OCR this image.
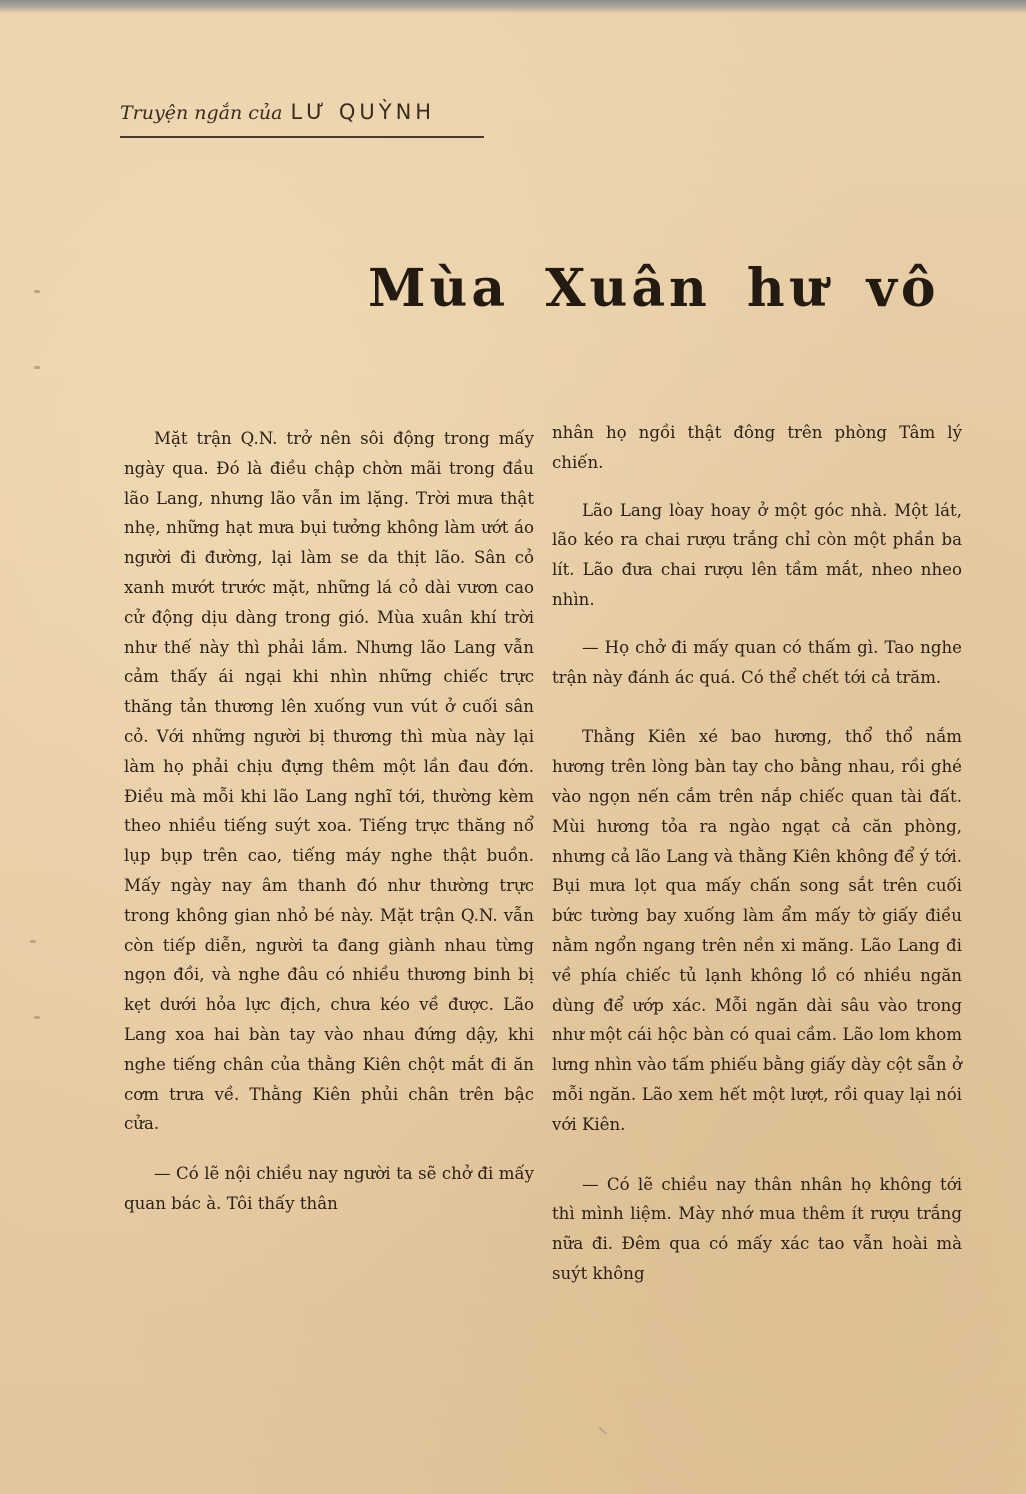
Truyện ngắn của LƯ QUỲNH
Mùa Xuân hư vô

Mặt trận Q.N. trở nên sôi động trong mấy ngày qua. Đó là điều chập chờn mãi trong đầu lão Lang, nhưng lão vẫn im lặng. Trời mưa thật nhẹ, những hạt mưa bụi tưởng không làm ướt áo người đi đường, lại làm se da thịt lão. Sân cỏ xanh mướt trước mặt, những lá cỏ dài vươn cao cử động dịu dàng trong gió. Mùa xuân khí trời như thế này thì phải lắm. Nhưng lão Lang vẫn cảm thấy ái ngại khi nhìn những chiếc trực thăng tản thương lên xuống vun vút ở cuối sân cỏ. Với những người bị thương thì mùa này lại làm họ phải chịu đựng thêm một lần đau đớn. Điều mà mỗi khi lão Lang nghĩ tới, thường kèm theo nhiều tiếng suýt xoa. Tiếng trực thăng nổ lụp bụp trên cao, tiếng máy nghe thật buồn. Mấy ngày nay âm thanh đó như thường trực trong không gian nhỏ bé này. Mặt trận Q.N. vẫn còn tiếp diễn, người ta đang giành nhau từng ngọn đồi, và nghe đâu có nhiều thương binh bị kẹt dưới hỏa lực địch, chưa kéo về được. Lão Lang xoa hai bàn tay vào nhau đứng dậy, khi nghe tiếng chân của thằng Kiên chột mắt đi ăn cơm trưa về. Thằng Kiên phủi chân trên bậc cửa.

— Có lẽ nội chiều nay người ta sẽ chở đi mấy quan bác à. Tôi thấy thân

nhân họ ngồi thật đông trên phòng Tâm lý chiến.

Lão Lang lòay hoay ở một góc nhà. Một lát, lão kéo ra chai rượu trắng chỉ còn một phần ba lít. Lão đưa chai rượu lên tầm mắt, nheo nheo nhìn.

— Họ chở đi mấy quan có thấm gì. Tao nghe trận này đánh ác quá. Có thể chết tới cả trăm.

Thằng Kiên xé bao hương, thổ thổ nắm hương trên lòng bàn tay cho bằng nhau, rồi ghé vào ngọn nến cắm trên nắp chiếc quan tài đất. Mùi hương tỏa ra ngào ngạt cả căn phòng, nhưng cả lão Lang và thằng Kiên không để ý tới. Bụi mưa lọt qua mấy chấn song sắt trên cuối bức tường bay xuống làm ẩm mấy tờ giấy điều nằm ngổn ngang trên nền xi măng. Lão Lang đi về phía chiếc tủ lạnh không lồ có nhiều ngăn dùng để ướp xác. Mỗi ngăn dài sâu vào trong như một cái hộc bàn có quai cầm. Lão lom khom lưng nhìn vào tấm phiếu bằng giấy dày cột sẵn ở mỗi ngăn. Lão xem hết một lượt, rồi quay lại nói với Kiên.

— Có lẽ chiều nay thân nhân họ không tới thì mình liệm. Mày nhớ mua thêm ít rượu trắng nữa đi. Đêm qua có mấy xác tao vẫn hoài mà suýt không
